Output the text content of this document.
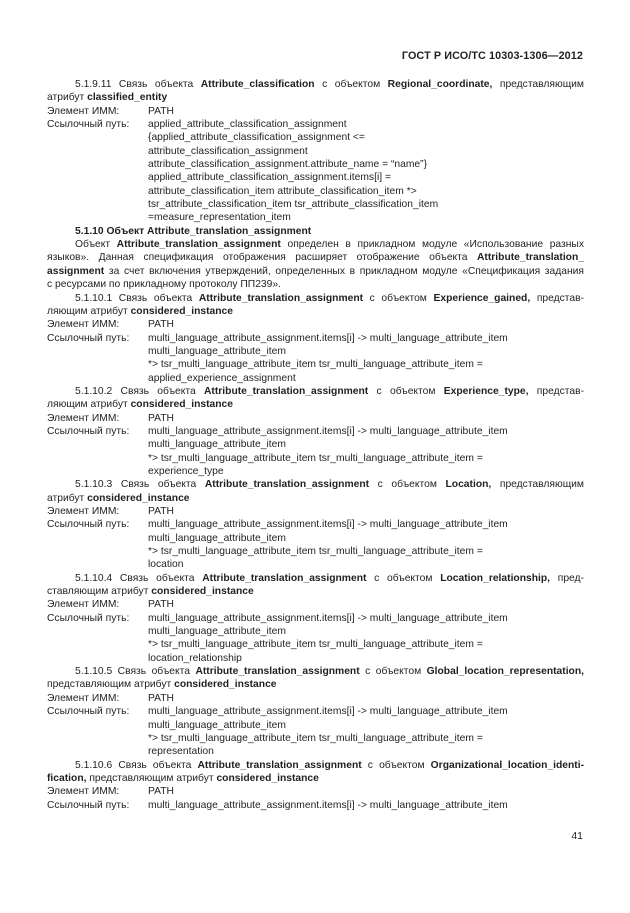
ГОСТ Р ИСО/ТС 10303-1306—2012
5.1.9.11 Связь объекта Attribute_classification с объектом Regional_coordinate, представляющим
атрибут classified_entity
Элемент ИММ:	PATH
Ссылочный путь:	applied_attribute_classification_assignment
{applied_attribute_classification_assignment <=
attribute_classification_assignment
attribute_classification_assignment.attribute_name = “name”}
applied_attribute_classification_assignment.items[i] =
attribute_classification_item attribute_classification_item *>
tsr_attribute_classification_item tsr_attribute_classification_item
=measure_representation_item
5.1.10 Объект Attribute_translation_assignment
Объект Attribute_translation_assignment определен в прикладном модуле «Использование разных
языков». Данная спецификация отображения расширяет отображение объекта Attribute_translation_
assignment за счет включения утверждений, определенных в прикладном модуле «Спецификация задания
с ресурсами по прикладному протоколу ПП239».
5.1.10.1 Связь объекта Attribute_translation_assignment с объектом Experience_gained, представ-
ляющим атрибут considered_instance
Элемент ИММ:	PATH
Ссылочный путь:	multi_language_attribute_assignment.items[i] -> multi_language_attribute_item
multi_language_attribute_item
*> tsr_multi_language_attribute_item tsr_multi_language_attribute_item =
applied_experience_assignment
5.1.10.2 Связь объекта Attribute_translation_assignment с объектом Experience_type, представ-
ляющим атрибут considered_instance
Элемент ИММ:	PATH
Ссылочный путь:	multi_language_attribute_assignment.items[i] -> multi_language_attribute_item
multi_language_attribute_item
*> tsr_multi_language_attribute_item tsr_multi_language_attribute_item =
experience_type
5.1.10.3 Связь объекта Attribute_translation_assignment с объектом Location, представляющим
атрибут considered_instance
Элемент ИММ:	PATH
Ссылочный путь:	multi_language_attribute_assignment.items[i] -> multi_language_attribute_item
multi_language_attribute_item
*> tsr_multi_language_attribute_item tsr_multi_language_attribute_item =
location
5.1.10.4 Связь объекта Attribute_translation_assignment с объектом Location_relationship, пред-
ставляющим атрибут considered_instance
Элемент ИММ:	PATH
Ссылочный путь:	multi_language_attribute_assignment.items[i] -> multi_language_attribute_item
multi_language_attribute_item
*> tsr_multi_language_attribute_item tsr_multi_language_attribute_item =
location_relationship
5.1.10.5 Связь объекта Attribute_translation_assignment с объектом Global_location_representation,
представляющим атрибут considered_instance
Элемент ИММ:	PATH
Ссылочный путь:	multi_language_attribute_assignment.items[i] -> multi_language_attribute_item
multi_language_attribute_item
*> tsr_multi_language_attribute_item tsr_multi_language_attribute_item =
representation
5.1.10.6 Связь объекта Attribute_translation_assignment с объектом Organizational_location_identi-
fication, представляющим атрибут considered_instance
Элемент ИММ:	PATH
Ссылочный путь:	multi_language_attribute_assignment.items[i] -> multi_language_attribute_item
41
